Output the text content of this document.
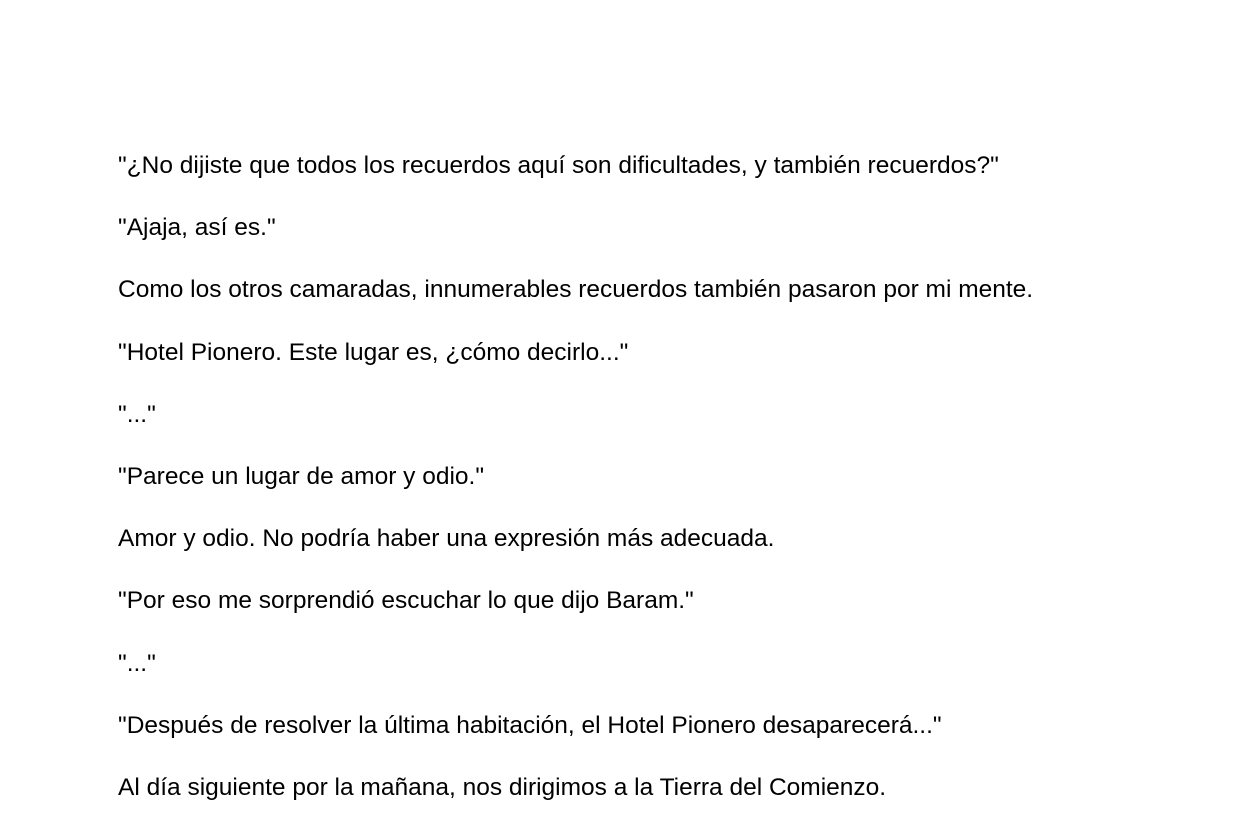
"¿No dijiste que todos los recuerdos aquí son dificultades, y también recuerdos?"

"Ajaja, así es."

Como los otros camaradas, innumerables recuerdos también pasaron por mi mente.

"Hotel Pionero. Este lugar es, ¿cómo decirlo..."

"..."

"Parece un lugar de amor y odio."

Amor y odio. No podría haber una expresión más adecuada.

"Por eso me sorprendió escuchar lo que dijo Baram."

"..."

"Después de resolver la última habitación, el Hotel Pionero desaparecerá..."

Al día siguiente por la mañana, nos dirigimos a la Tierra del Comienzo.
